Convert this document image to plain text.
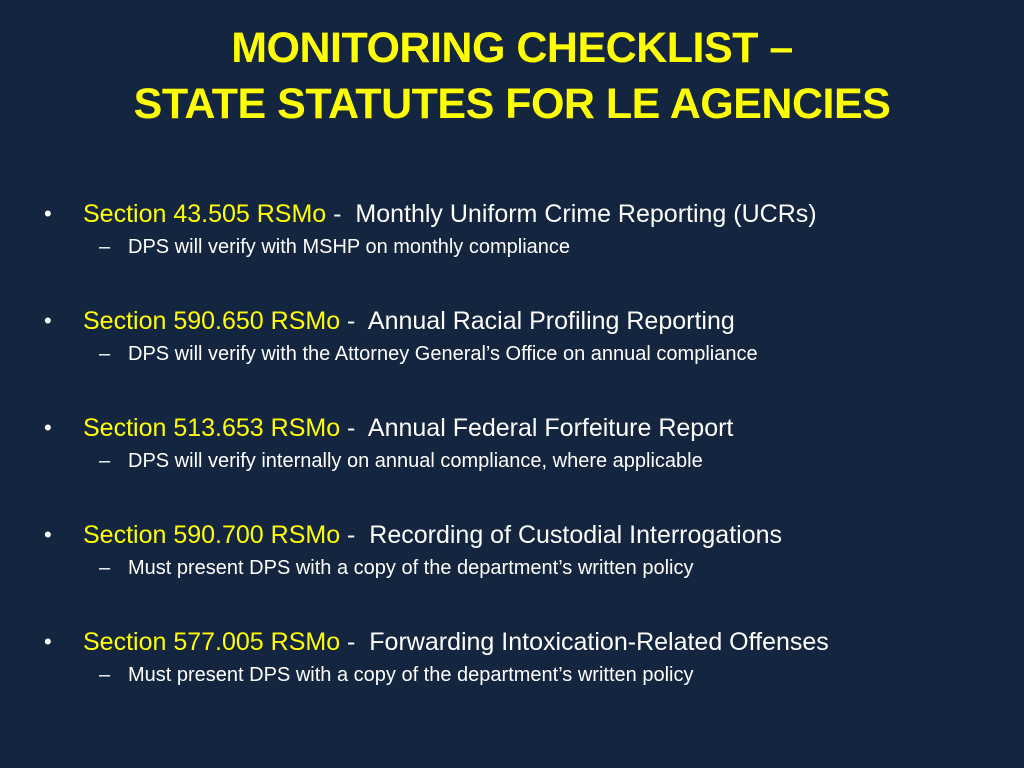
MONITORING CHECKLIST –
STATE STATUTES FOR LE AGENCIES
• Section 43.505 RSMo -  Monthly Uniform Crime Reporting (UCRs)
– DPS will verify with MSHP on monthly compliance
• Section 590.650 RSMo -  Annual Racial Profiling Reporting
– DPS will verify with the Attorney General’s Office on annual compliance
• Section 513.653 RSMo -  Annual Federal Forfeiture Report
– DPS will verify internally on annual compliance, where applicable
• Section 590.700 RSMo -  Recording of Custodial Interrogations
– Must present DPS with a copy of the department’s written policy
• Section 577.005 RSMo -  Forwarding Intoxication-Related Offenses
– Must present DPS with a copy of the department’s written policy
